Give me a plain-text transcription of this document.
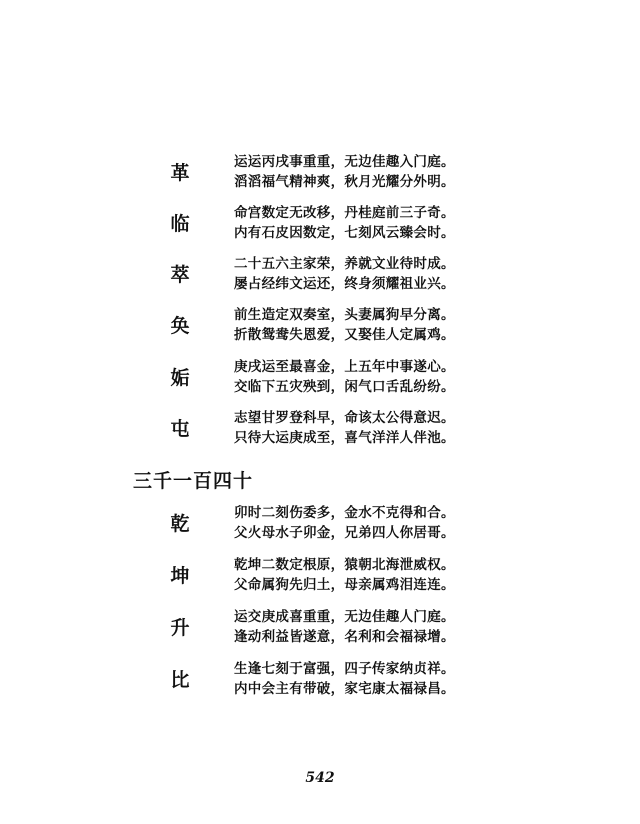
革	运运丙戌事重重，无边佳趣入门庭。
滔滔福气精神爽，秋月光耀分外明。
临	命宫数定无改移，丹桂庭前三子奇。
内有石皮因数定，七刻风云臻会时。
萃	二十五六主家荣，养就文业待时成。
屡占经纬文运还，终身须耀祖业兴。
奂	前生造定双奏室，头妻属狗早分离。
折散鸳鸯失恩爱，又娶佳人定属鸡。
姤	庚戌运至最喜金，上五年中事遂心。
交临下五灾殃到，闲气口舌乱纷纷。
屯	志望甘罗登科早，命该太公得意迟。
只待大运庚成至，喜气洋洋人伴池。
三千一百四十
乾	卯时二刻伤委多，金水不克得和合。
父火母水子卯金，兄弟四人你居哥。
坤	乾坤二数定根原，猿朝北海泄威权。
父命属狗先归土，母亲属鸡泪连连。
升	运交庚成喜重重，无边佳趣人门庭。
逢动利益皆遂意，名利和会福禄增。
比	生逢七刻于富强，四子传家纳贞祥。
内中会主有带破，家宅康太福禄昌。
542
